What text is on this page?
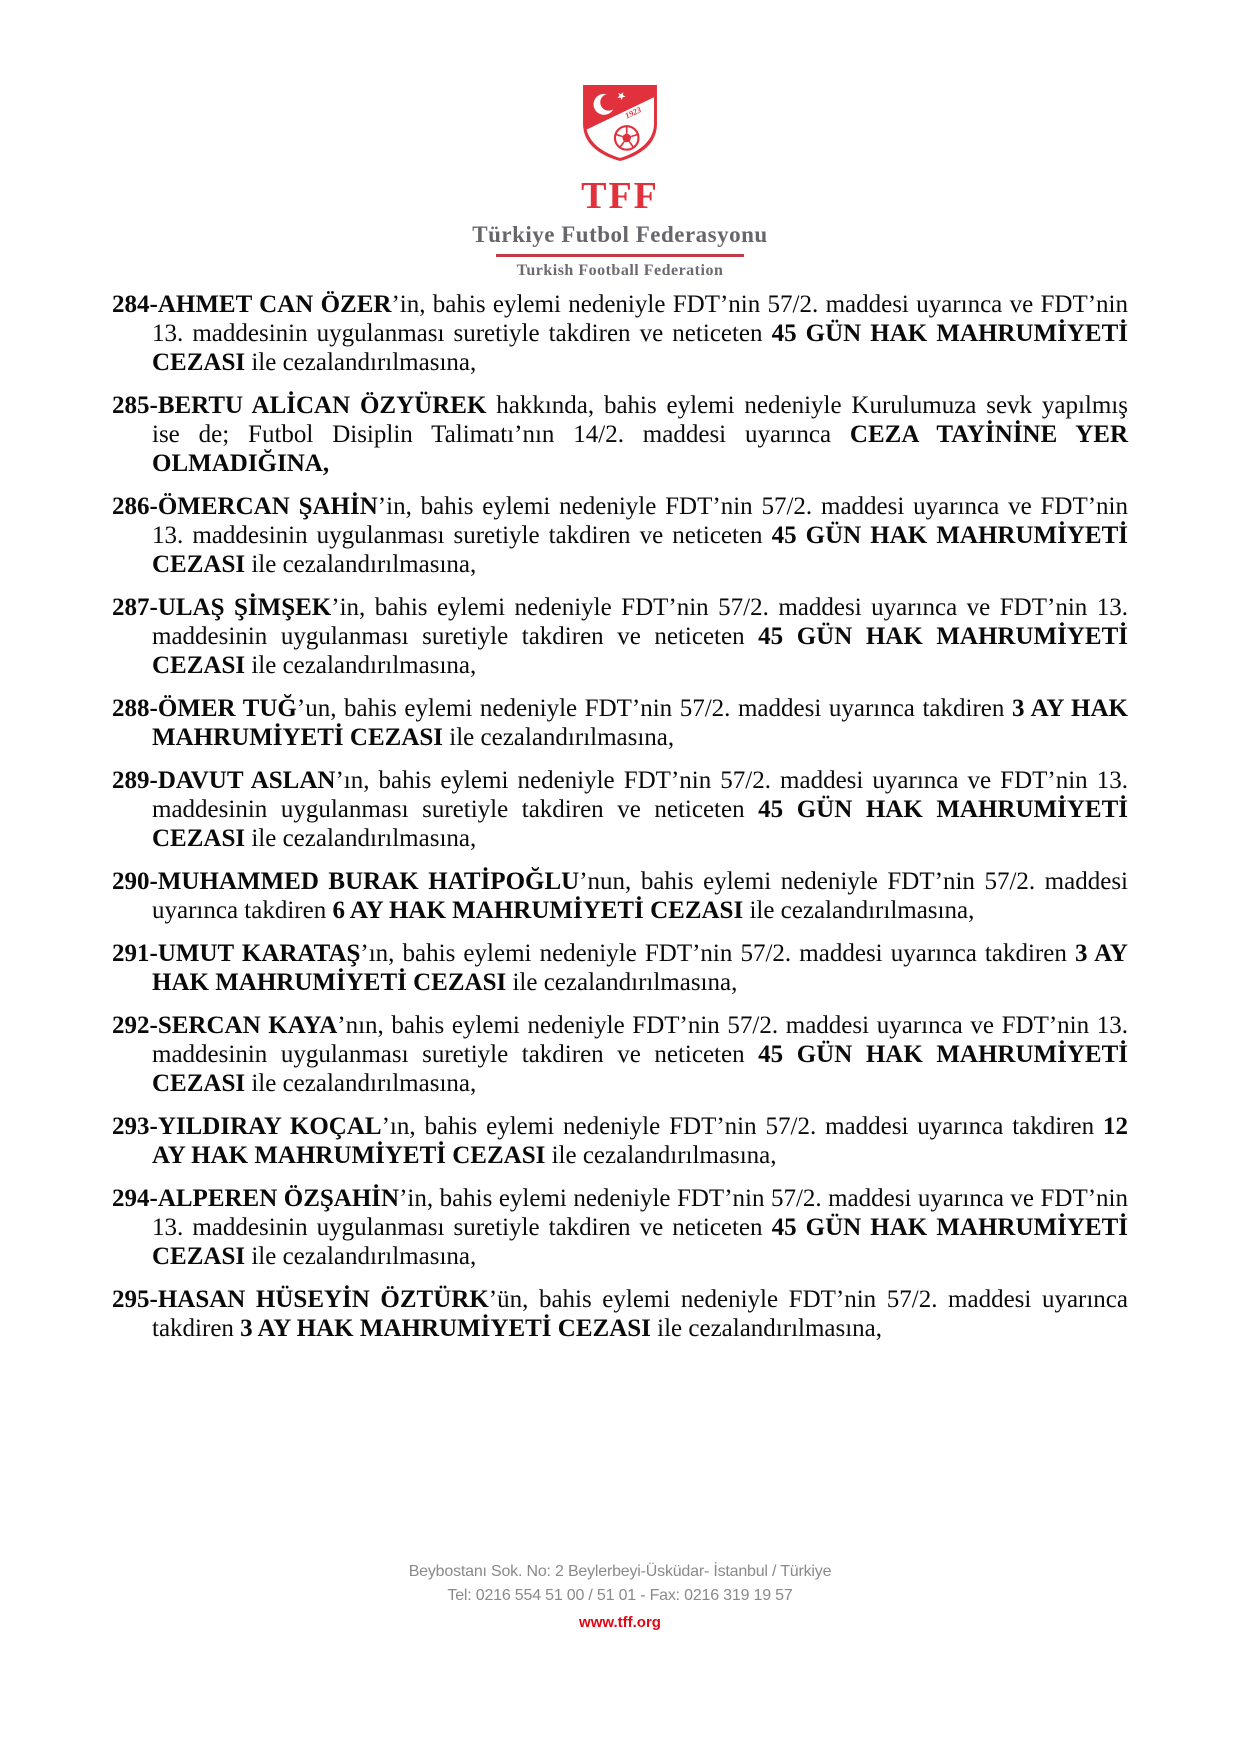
1923
TFF
Türkiye Futbol Federasyonu
Turkish Football Federation

284-AHMET CAN ÖZER’in, bahis eylemi nedeniyle FDT’nin 57/2. maddesi uyarınca ve FDT’nin 13. maddesinin uygulanması suretiyle takdiren ve neticeten 45 GÜN HAK MAHRUMİYETİ CEZASI ile cezalandırılmasına,

285-BERTU ALİCAN ÖZYÜREK hakkında, bahis eylemi nedeniyle Kurulumuza sevk yapılmış ise de; Futbol Disiplin Talimatı’nın 14/2. maddesi uyarınca CEZA TAYİNİNE YER OLMADIĞINA,

286-ÖMERCAN ŞAHİN’in, bahis eylemi nedeniyle FDT’nin 57/2. maddesi uyarınca ve FDT’nin 13. maddesinin uygulanması suretiyle takdiren ve neticeten 45 GÜN HAK MAHRUMİYETİ CEZASI ile cezalandırılmasına,

287-ULAŞ ŞİMŞEK’in, bahis eylemi nedeniyle FDT’nin 57/2. maddesi uyarınca ve FDT’nin 13. maddesinin uygulanması suretiyle takdiren ve neticeten 45 GÜN HAK MAHRUMİYETİ CEZASI ile cezalandırılmasına,

288-ÖMER TUĞ’un, bahis eylemi nedeniyle FDT’nin 57/2. maddesi uyarınca takdiren 3 AY HAK MAHRUMİYETİ CEZASI ile cezalandırılmasına,

289-DAVUT ASLAN’ın, bahis eylemi nedeniyle FDT’nin 57/2. maddesi uyarınca ve FDT’nin 13. maddesinin uygulanması suretiyle takdiren ve neticeten 45 GÜN HAK MAHRUMİYETİ CEZASI ile cezalandırılmasına,

290-MUHAMMED BURAK HATİPOĞLU’nun, bahis eylemi nedeniyle FDT’nin 57/2. maddesi uyarınca takdiren 6 AY HAK MAHRUMİYETİ CEZASI ile cezalandırılmasına,

291-UMUT KARATAŞ’ın, bahis eylemi nedeniyle FDT’nin 57/2. maddesi uyarınca takdiren 3 AY HAK MAHRUMİYETİ CEZASI ile cezalandırılmasına,

292-SERCAN KAYA’nın, bahis eylemi nedeniyle FDT’nin 57/2. maddesi uyarınca ve FDT’nin 13. maddesinin uygulanması suretiyle takdiren ve neticeten 45 GÜN HAK MAHRUMİYETİ CEZASI ile cezalandırılmasına,

293-YILDIRAY KOÇAL’ın, bahis eylemi nedeniyle FDT’nin 57/2. maddesi uyarınca takdiren 12 AY HAK MAHRUMİYETİ CEZASI ile cezalandırılmasına,

294-ALPEREN ÖZŞAHİN’in, bahis eylemi nedeniyle FDT’nin 57/2. maddesi uyarınca ve FDT’nin 13. maddesinin uygulanması suretiyle takdiren ve neticeten 45 GÜN HAK MAHRUMİYETİ CEZASI ile cezalandırılmasına,

295-HASAN HÜSEYİN ÖZTÜRK’ün, bahis eylemi nedeniyle FDT’nin 57/2. maddesi uyarınca takdiren 3 AY HAK MAHRUMİYETİ CEZASI ile cezalandırılmasına,

Beybostanı Sok. No: 2 Beylerbeyi-Üsküdar- İstanbul / Türkiye
Tel: 0216 554 51 00 / 51 01 - Fax: 0216 319 19 57
www.tff.org
